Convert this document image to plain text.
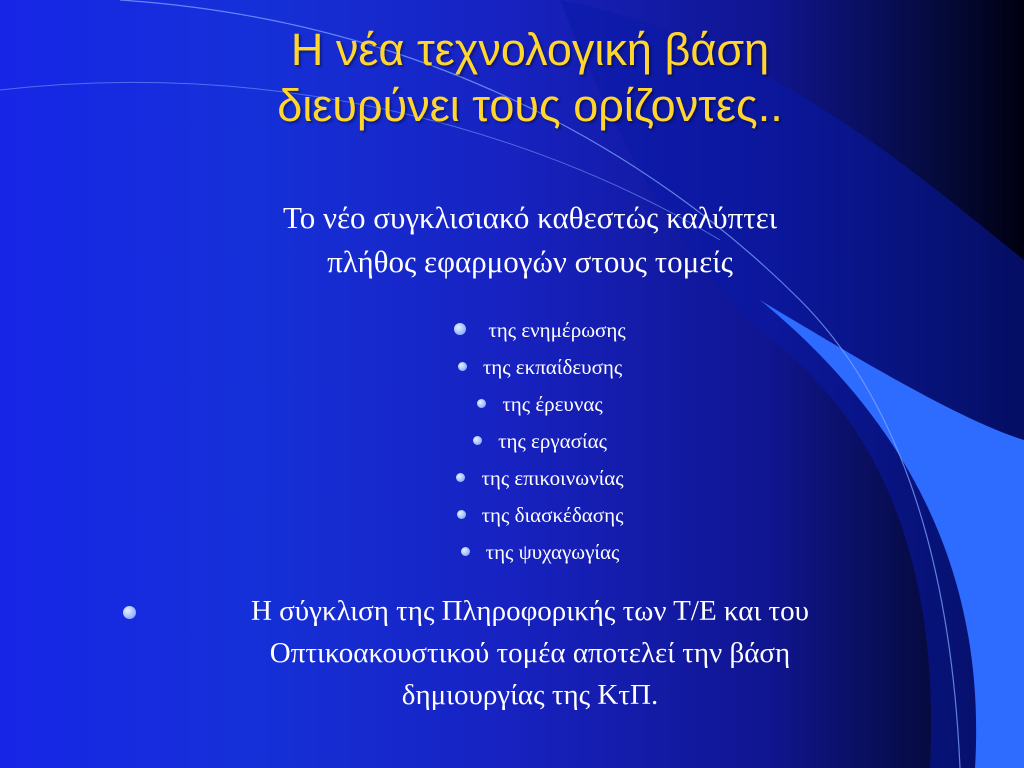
Η νέα τεχνολογική βάση
διευρύνει τους ορίζοντες..

Το νέο συγκλισιακό καθεστώς καλύπτει
πλήθος εφαρμογών στους τομείς

της ενημέρωσης
της εκπαίδευσης
της έρευνας
της εργασίας
της επικοινωνίας
της διασκέδασης
της ψυχαγωγίας

Η σύγκλιση της Πληροφορικής των Τ/Ε και του
Οπτικοακουστικού τομέα αποτελεί την βάση
δημιουργίας της ΚτΠ.
